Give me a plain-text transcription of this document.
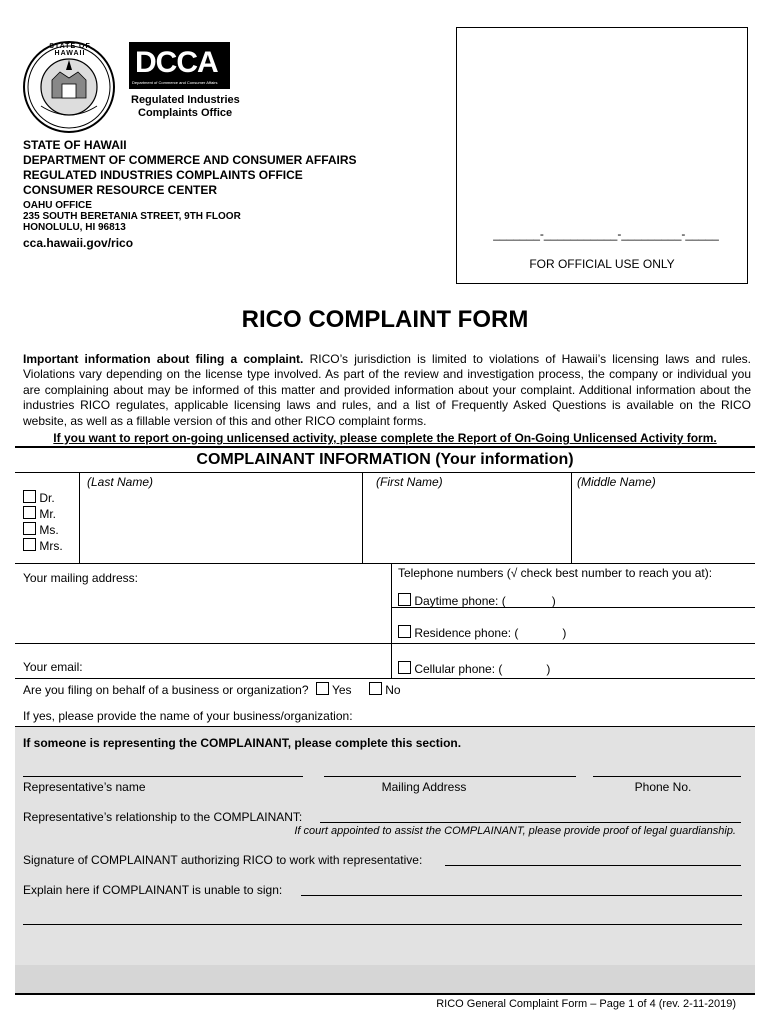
STATE OF HAWAII	DCCA
Department of Commerce and Consumer Affairs
Regulated Industries
Complaints Office
STATE OF HAWAII
DEPARTMENT OF COMMERCE AND CONSUMER AFFAIRS
REGULATED INDUSTRIES COMPLAINTS OFFICE
CONSUMER RESOURCE CENTER
OAHU OFFICE
235 SOUTH BERETANIA STREET, 9TH FLOOR
HONOLULU, HI 96813
cca.hawaii.gov/rico
_______-___________-_________-_____
FOR OFFICIAL USE ONLY
RICO COMPLAINT FORM
Important information about filing a complaint. RICO’s jurisdiction is limited to violations of Hawaii’s licensing laws and rules. Violations vary depending on the license type involved. As part of the review and investigation process, the company or individual you are complaining about may be informed of this matter and provided information about your complaint. Additional information about the industries RICO regulates, applicable licensing laws and rules, and a list of Frequently Asked Questions is available on the RICO website, as well as a fillable version of this and other RICO complaint forms.
If you want to report on-going unlicensed activity, please complete the Report of On-Going Unlicensed Activity form.
COMPLAINANT INFORMATION (Your information)
(Last Name)	(First Name)	(Middle Name)
Dr.
Mr.
Ms.
Mrs.
Your mailing address:	Telephone numbers (√ check best number to reach you at):
Daytime phone: (	)
Residence phone: (	)
Your email:	Cellular phone: (	)
Are you filing on behalf of a business or organization? Yes	No
If yes, please provide the name of your business/organization:
If someone is representing the COMPLAINANT, please complete this section.
Representative’s name	Mailing Address	Phone No.
Representative’s relationship to the COMPLAINANT:
If court appointed to assist the COMPLAINANT, please provide proof of legal guardianship.
Signature of COMPLAINANT authorizing RICO to work with representative:
Explain here if COMPLAINANT is unable to sign:
RICO General Complaint Form – Page 1 of 4 (rev. 2-11-2019)
